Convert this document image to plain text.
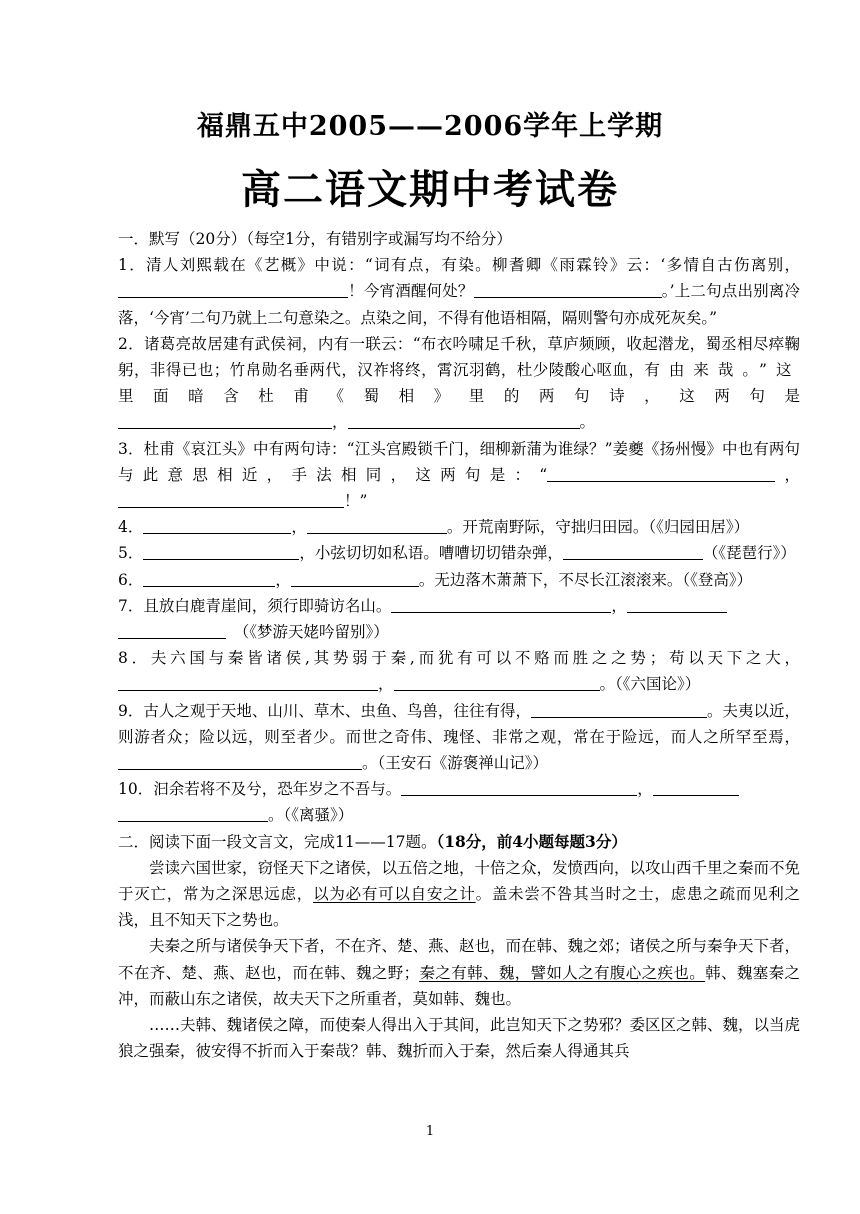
福鼎五中2005——2006学年上学期
高二语文期中考试卷

一．默写（20分）（每空1分，有错别字或漏写均不给分）

1．清人刘熙载在《艺概》中说：“词有点，有染。柳耆卿《雨霖铃》云：‘多情自古伤离别，！今宵酒醒何处？	。’上二句点出别离冷落，‘今宵’二句乃就上二句意染之。点染之间，不得有他语相隔，隔则警句亦成死灰矣。”

2．诸葛亮故居建有武侯祠，内有一联云：“布衣吟啸足千秋，草庐频顾，收起潜龙，蜀丞相尽瘁鞠躬，非得已也；竹帛勋名垂两代，汉祚将终，霄沉羽鹤，杜少陵酸心呕血，有由来哉。”这里面暗含杜甫《蜀相》里的两句诗，这两句是，	。

3．杜甫《哀江头》中有两句诗：“江头宫殿锁千门，细柳新蒲为谁绿？”姜夔《扬州慢》中也有两句与此意思相近，手法相同，这两句是：“	，！”

4．	，	。开荒南野际，守拙归田园。（《归园田居》）

5．	，小弦切切如私语。嘈嘈切切错杂弹，	（《琵琶行》）

6．	，	。无边落木萧萧下，不尽长江滚滚来。（《登高》）

7．且放白鹿青崖间，须行即骑访名山。	，
　（《梦游天姥吟留别》）

8．夫六国与秦皆诸侯,其势弱于秦,而犹有可以不赂而胜之之势；苟以天下之大，，	。（《六国论》）

9．古人之观于天地、山川、草木、虫鱼、鸟兽，往往有得，	。夫夷以近，则游者众；险以远，则至者少。而世之奇伟、瑰怪、非常之观，常在于险远，而人之所罕至焉，。（王安石《游褒禅山记》）

10．汩余若将不及兮，恐年岁之不吾与。	，
。（《离骚》）

二．阅读下面一段文言文，完成11——17题。（18分，前4小题每题3分）

尝读六国世家，窃怪天下之诸侯，以五倍之地，十倍之众，发愤西向，以攻山西千里之秦而不免于灭亡，常为之深思远虑，以为必有可以自安之计。盖未尝不咎其当时之士，虑患之疏而见利之浅，且不知天下之势也。

夫秦之所与诸侯争天下者，不在齐、楚、燕、赵也，而在韩、魏之郊；诸侯之所与秦争天下者，不在齐、楚、燕、赵也，而在韩、魏之野；秦之有韩、魏，譬如人之有腹心之疾也。韩、魏塞秦之冲，而蔽山东之诸侯，故夫天下之所重者，莫如韩、魏也。

……夫韩、魏诸侯之障，而使秦人得出入于其间，此岂知天下之势邪？委区区之韩、魏，以当虎狼之强秦，彼安得不折而入于秦哉？韩、魏折而入于秦，然后秦人得通其兵

1
